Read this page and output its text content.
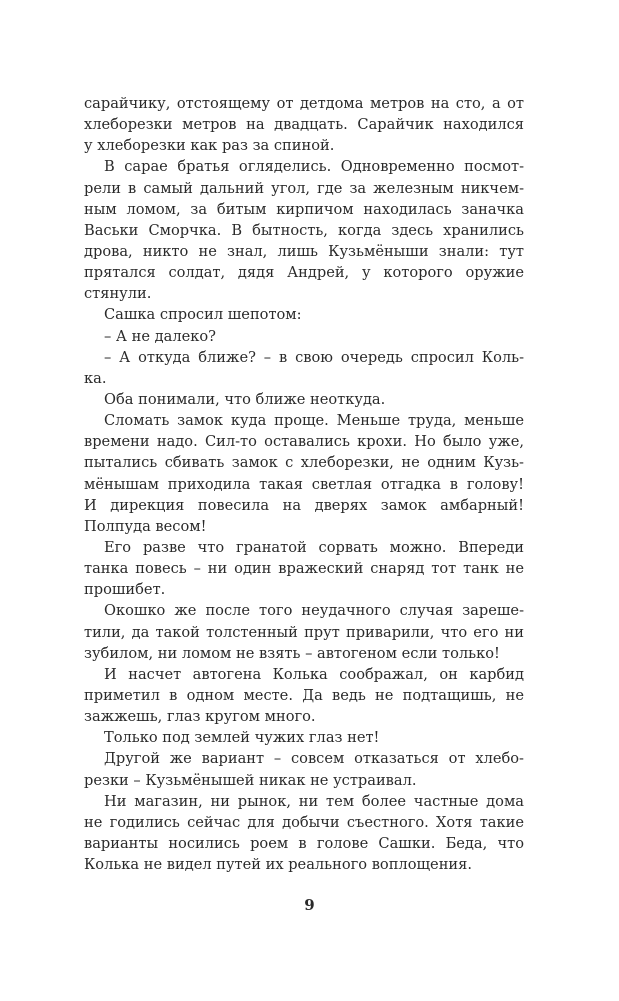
сарайчику, отстоящему от детдома метров на сто, а от
хлеборезки метров на двадцать. Сарайчик находился
у хлеборезки как раз за спиной.
В сарае братья огляделись. Одновременно посмот-
рели в самый дальний угол, где за железным никчем-
ным ломом, за битым кирпичом находилась заначка
Васьки Сморчка. В бытность, когда здесь хранились
дрова, никто не знал, лишь Кузьмёныши знали: тут
прятался солдат, дядя Андрей, у которого оружие
стянули.
Сашка спросил шепотом:
– А не далеко?
– А откуда ближе? – в свою очередь спросил Коль-
ка.
Оба понимали, что ближе неоткуда.
Сломать замок куда проще. Меньше труда, меньше
времени надо. Сил-то оставались крохи. Но было уже,
пытались сбивать замок с хлеборезки, не одним Кузь-
мёнышам приходила такая светлая отгадка в голову!
И дирекция повесила на дверях замок амбарный!
Полпуда весом!
Его разве что гранатой сорвать можно. Впереди
танка повесь – ни один вражеский снаряд тот танк не
прошибет.
Окошко же после того неудачного случая зареше-
тили, да такой толстенный прут приварили, что его ни
зубилом, ни ломом не взять – автогеном если только!
И насчет автогена Колька соображал, он карбид
приметил в одном месте. Да ведь не подтащишь, не
зажжешь, глаз кругом много.
Только под землей чужих глаз нет!
Другой же вариант – совсем отказаться от хлебо-
резки – Кузьмёнышей никак не устраивал.
Ни магазин, ни рынок, ни тем более частные дома
не годились сейчас для добычи съестного. Хотя такие
варианты носились роем в голове Сашки. Беда, что
Колька не видел путей их реального воплощения.
9
